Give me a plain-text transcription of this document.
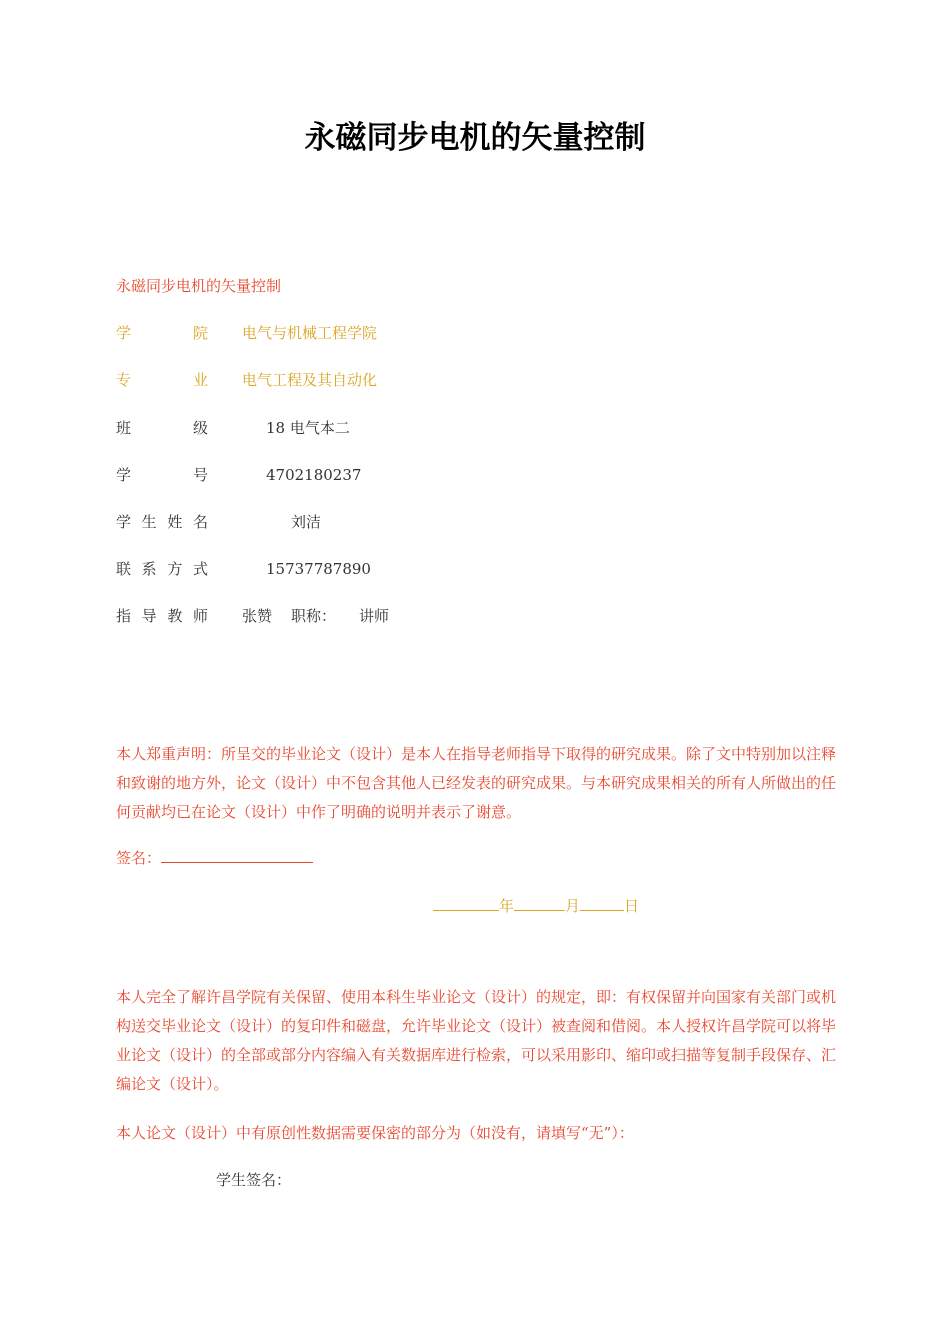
永磁同步电机的矢量控制
永磁同步电机的矢量控制
学	院 电气与机械工程学院
专	业 电气工程及其自动化
班	级	18 电气本二
学	号	4702180237
学 生 姓 名	刘洁
联 系 方 式	15737787890
指 导 教 师 张赞 职称： 讲师
本人郑重声明：所呈交的毕业论文（设计）是本人在指导老师指导下取得的研究成果。除了文中特别加以注释和致谢的地方外，论文（设计）中不包含其他人已经发表的研究成果。与本研究成果相关的所有人所做出的任何贡献均已在论文（设计）中作了明确的说明并表示了谢意。
签名：
年	月	日
本人完全了解许昌学院有关保留、使用本科生毕业论文（设计）的规定，即：有权保留并向国家有关部门或机构送交毕业论文（设计）的复印件和磁盘，允许毕业论文（设计）被查阅和借阅。本人授权许昌学院可以将毕业论文（设计）的全部或部分内容编入有关数据库进行检索，可以采用影印、缩印或扫描等复制手段保存、汇编论文（设计）。
本人论文（设计）中有原创性数据需要保密的部分为（如没有，请填写“无”）：
学生签名：
